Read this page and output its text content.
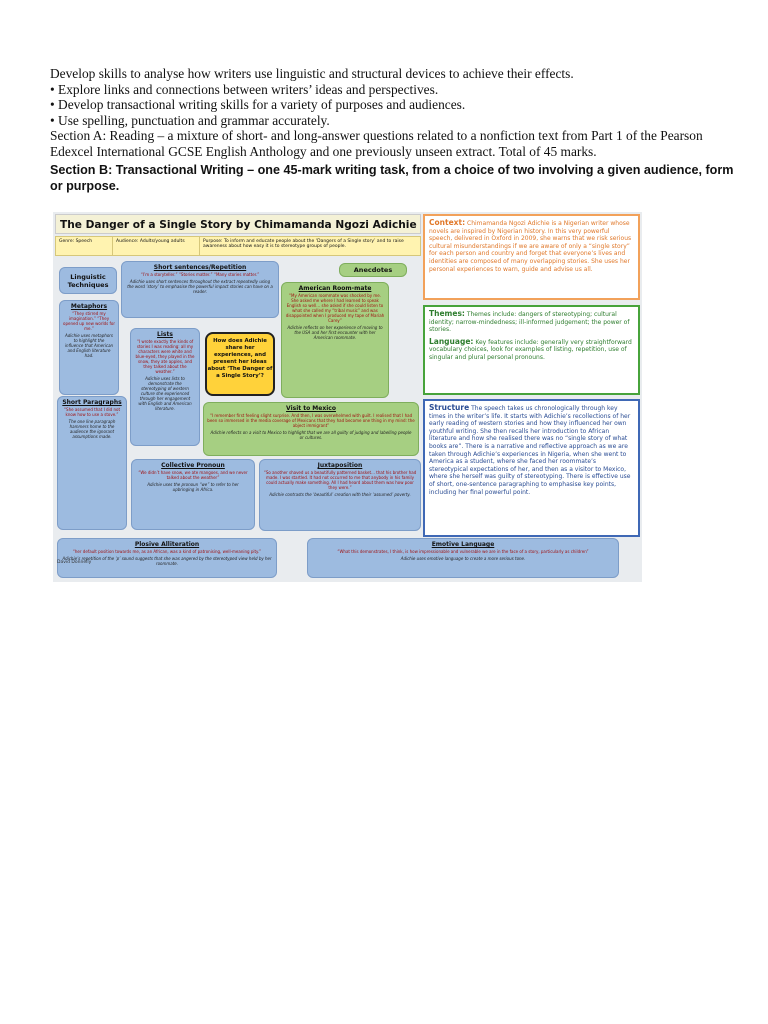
Develop skills to analyse how writers use linguistic and structural devices to achieve their effects.

• Explore links and connections between writers’ ideas and perspectives.

• Develop transactional writing skills for a variety of purposes and audiences.

• Use spelling, punctuation and grammar accurately.

Section A: Reading – a mixture of short- and long-answer questions related to a nonfiction text from Part 1 of the Pearson Edexcel International GCSE English Anthology and one previously unseen extract. Total of 45 marks.

Section B: Transactional Writing – one 45-mark writing task, from a choice of two involving a given audience, form or purpose.

The Danger of a Single Story by Chimamanda Ngozi Adichie
Genre: Speech	Audience: Adults/young adults	Purpose: To inform and educate people about the ‘Dangers of a Single story’ and to raise awareness about how easy it is to stereotype groups of people.
Linguistic Techniques
Anecdotes
Short sentences/Repetition
“I’m a storyteller.” “Stories matter.” “Many stories matter.”
Adichie uses short sentences throughout the extract repeatedly using the word ‘story’ to emphasise the powerful impact stories can have on a reader.
Metaphors
“They stirred my imagination.” “They opened up new worlds for me.”
Adichie uses metaphors to highlight the influence that American and English literature had.
Lists
“I wrote exactly the kinds of stories I was reading: all my characters were white and blue-eyed, they played in the snow, they ate apples, and they talked about the weather.”
Adichie uses lists to demonstrate the stereotyping of western culture she experienced through her engagement with English and American literature.
How does Adichie share her experiences, and present her ideas about ‘The Danger of a Single Story’?
American Room-mate
“My American roommate was shocked by me. She asked me where I had learned to speak English so well… she asked if she could listen to what she called my “tribal music” and was disappointed when I produced my tape of Mariah Carey”
Adichie reflects on her experience of moving to the USA and her first encounter with her American roommate.
Short Paragraphs
“She assumed that I did not know how to use a stove.”
The one line paragraph hammers home to the audience the ignorant assumptions made.
Visit to Mexico
“I remember first feeling slight surprise. And then, I was overwhelmed with guilt. I realised that I had been so immersed in the media coverage of Mexicans that they had become one thing in my mind: the abject immigrant”
Adichie reflects on a visit to Mexico to highlight that we are all guilty of judging and labelling people or cultures.
Collective Pronoun
“We didn’t have snow, we ate mangoes, and we never talked about the weather”
Adichie uses the pronoun “we” to refer to her upbringing in Africa.
Juxtaposition
“So another shaved us a beautifully patterned basket… that his brother had made. I was startled. It had not occurred to me that anybody in his family could actually make something. All I had heard about them was how poor they were.”
Adichie contrasts the ‘beautiful’ creation with their ‘assumed’ poverty.
Plosive Alliteration
“her default position towards me, as an African, was a kind of patronising, well-meaning pity.”
Adichie’s repetition of the ‘p’ sound suggests that she was angered by the stereotyped view held by her roommate.
Emotive Language
“What this demonstrates, I think, is how impressionable and vulnerable we are in the face of a story, particularly as children”
Adichie uses emotive language to create a more serious tone.
Context: Chimamanda Ngozi Adichie is a Nigerian writer whose novels are inspired by Nigerian history. In this very powerful speech, delivered in Oxford in 2009, she warns that we risk serious cultural misunderstandings if we are aware of only a “single story” for each person and country and forget that everyone’s lives and identities are composed of many overlapping stories. She uses her personal experiences to warn, guide and advise us all.
Themes: Themes include: dangers of stereotyping; cultural identity; narrow-mindedness; ill-informed judgement; the power of stories.
Language: Key features include: generally very straightforward vocabulary choices, look for examples of listing, repetition, use of singular and plural personal pronouns.
Structure The speech takes us chronologically through key times in the writer’s life. It starts with Adichie’s recollections of her early reading of western stories and how they influenced her own youthful writing. She then recalls her introduction to African literature and how she realised there was no “single story of what books are”. There is a narrative and reflective approach as we are taken through Adichie’s experiences in Nigeria, when she went to America as a student, where she faced her roommate’s stereotypical expectations of her, and then as a visitor to Mexico, where she herself was guilty of stereotyping. There is effective use of short, one-sentence paragraphing to emphasise key points, including her final powerful point.
David Donnelly
